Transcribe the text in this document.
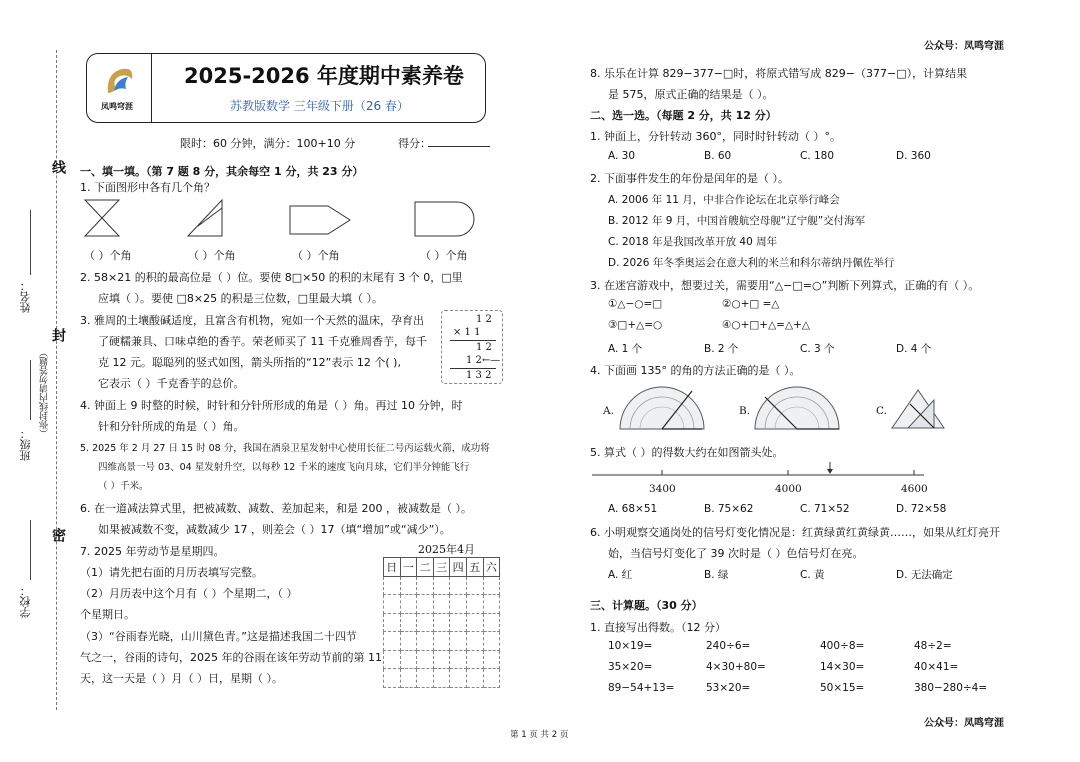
公众号：凤鸣穹涯
公众号：凤鸣穹涯
学校：
班级：
姓名：
（弥封线内请勿答题）
线
封
密
凤鸣穹涯
2025-2026 年度期中素养卷
苏教版数学 三年级下册（26 春）
限时：60 分钟，满分：100+10 分	得分：
一、填一填。（第 7 题 8 分，其余每空 1 分，共 23 分）
1. 下面图形中各有几个角？
（ ）个角	（ ）个角	（ ）个角	（ ）个角
2. 58×21 的积的最高位是（ ）位。要使 8□×50 的积的末尾有 3 个 0，□里
应填（ ）。要使 □8×25 的积是三位数，□里最大填（ ）。
3. 雅周的土壤酸碱适度，且富含有机物，宛如一个天然的温床，孕育出
了硬糯兼具、口味卓绝的香芋。荣老师买了 11 千克雅周香芋，每千
克 12 元。聪聪列的竖式如图，箭头所指的“12”表示 12 个( ),
它表示（ ）千克香芋的总价。
1 2
× 1 1
1 2
1 2←—
1 3 2
4. 钟面上 9 时整的时候，时针和分针所形成的角是（ ）角。再过 10 分钟，时
针和分针所成的角是（ ）角。
5. 2025 年 2 月 27 日 15 时 08 分，我国在酒泉卫星发射中心使用长征二号丙运载火箭，成功将
四维高景一号 03、04 星发射升空，以每秒 12 千米的速度飞向月球，它们半分钟能飞行
（ ）千米。
6. 在一道减法算式里，把被减数、减数、差加起来，和是 200 ，被减数是（ ）。
如果被减数不变，减数减少 17 ，则差会（ ）17（填“增加”或“减少”）。
7. 2025 年劳动节是星期四。
（1）请先把右面的月历表填写完整。
（2）月历表中这个月有（ ）个星期二，（ ）
个星期日。
（3）“谷雨春光晓，山川黛色青。”这是描述我国二十四节
气之一，谷雨的诗句，2025 年的谷雨在该年劳动节前的第 11
天，这一天是（ ）月（ ）日，星期（ ）。
2025年4月
日	一	二	三	四	五	六

8. 乐乐在计算 829−377−□时，将原式错写成 829−（377−□），计算结果
是 575，原式正确的结果是（ ）。
二、选一选。（每题 2 分，共 12 分）
1. 钟面上，分针转动 360°，同时时针转动（ ）°。
A. 30	B. 60	C. 180	D. 360
2. 下面事件发生的年份是闰年的是（ ）。
A. 2006 年 11 月，中非合作论坛在北京举行峰会
B. 2012 年 9 月，中国首艘航空母舰“辽宁舰”交付海军
C. 2018 年是我国改革开放 40 周年
D. 2026 年冬季奥运会在意大利的米兰和科尔蒂纳丹佩佐举行
3. 在迷宫游戏中，想要过关，需要用“△−□=○”判断下列算式，正确的有（ ）。
①△−○=□	②○+□ =△
③□+△=○	④○+□+△=△+△
A. 1 个	B. 2 个	C. 3 个	D. 4 个
4. 下面画 135° 的角的方法正确的是（ ）。
A.	B.	C.
5. 算式（ ）的得数大约在如图箭头处。
3400	4000	4600
A. 68×51	B. 75×62	C. 71×52	D. 72×58
6. 小明观察交通岗处的信号灯变化情况是：红黄绿黄红黄绿黄……，如果从红灯亮开
始，当信号灯变化了 39 次时是（ ）色信号灯在亮。
A. 红	B. 绿	C. 黄	D. 无法确定
三、计算题。（30 分）
1. 直接写出得数。（12 分）
10×19=	240÷6=	400÷8=	48÷2=
35×20=	4×30+80=	14×30=	40×41=
89−54+13=	53×20=	50×15=	380−280÷4=
第 1 页 共 2 页
